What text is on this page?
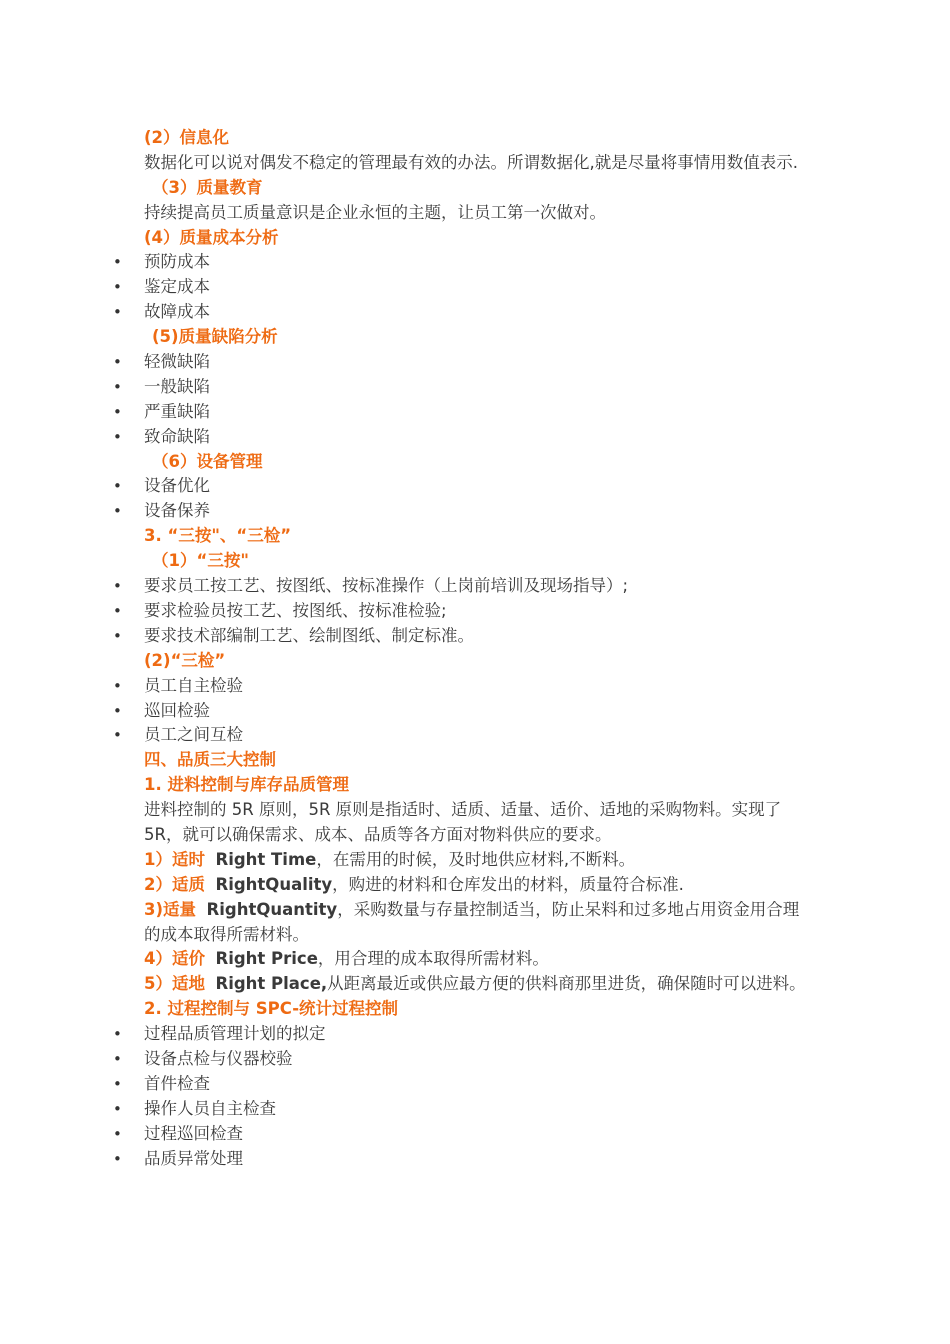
(2）信息化
数据化可以说对偶发不稳定的管理最有效的办法。所谓数据化,就是尽量将事情用数值表示.
（3）质量教育
持续提高员工质量意识是企业永恒的主题，让员工第一次做对。
(4）质量成本分析
• 预防成本
• 鉴定成本
• 故障成本
(5)质量缺陷分析
• 轻微缺陷
• 一般缺陷
• 严重缺陷
• 致命缺陷
（6）设备管理
• 设备优化
• 设备保养
3. “三按"、“三检”
（1）“三按"
• 要求员工按工艺、按图纸、按标准操作（上岗前培训及现场指导）;
• 要求检验员按工艺、按图纸、按标准检验;
• 要求技术部编制工艺、绘制图纸、制定标准。
(2)“三检”
• 员工自主检验
• 巡回检验
• 员工之间互检
四、品质三大控制
1. 进料控制与库存品质管理
进料控制的 5R 原则，5R 原则是指适时、适质、适量、适价、适地的采购物料。实现了 5R，就可以确保需求、成本、品质等各方面对物料供应的要求。
1）适时 Right Time，在需用的时候，及时地供应材料,不断料。
2）适质 RightQuality，购进的材料和仓库发出的材料，质量符合标准.
3)适量 RightQuantity，采购数量与存量控制适当，防止呆料和过多地占用资金用合理的成本取得所需材料。
4）适价 Right Price，用合理的成本取得所需材料。
5）适地 Right Place,从距离最近或供应最方便的供料商那里进货，确保随时可以进料。
2. 过程控制与 SPC-统计过程控制
• 过程品质管理计划的拟定
• 设备点检与仪器校验
• 首件检查
• 操作人员自主检查
• 过程巡回检查
• 品质异常处理
